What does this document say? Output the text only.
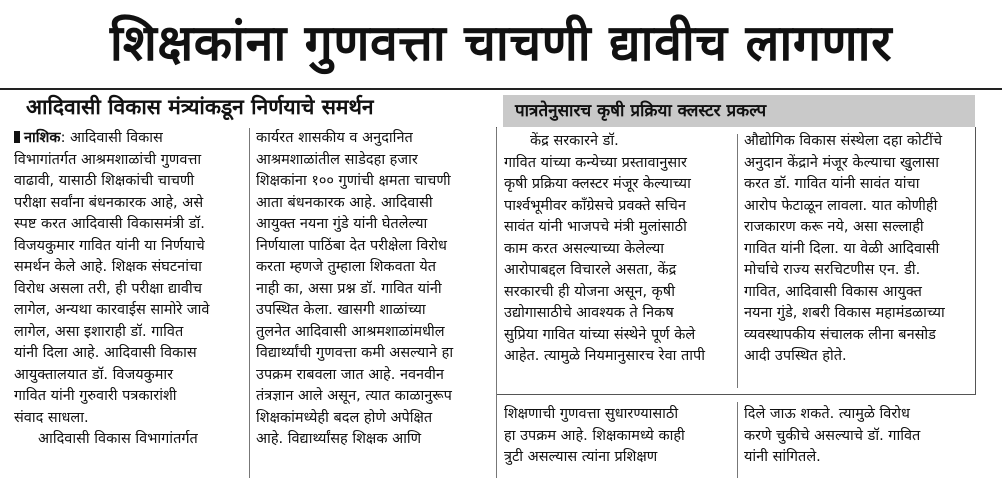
शिक्षकांना गुणवत्ता चाचणी द्यावीच लागणार
आदिवासी विकास मंत्र्यांकडून निर्णयाचे समर्थन	पात्रतेनुसारच कृषी प्रक्रिया क्लस्टर प्रकल्प
नाशिक: आदिवासी विकास
विभागांतर्गत आश्रमशाळांची गुणवत्ता
वाढावी, यासाठी शिक्षकांची चाचणी
परीक्षा सर्वांना बंधनकारक आहे, असे
स्पष्ट करत आदिवासी विकासमंत्री डॉ.
विजयकुमार गावित यांनी या निर्णयाचे
समर्थन केले आहे. शिक्षक संघटनांचा
विरोध असला तरी, ही परीक्षा द्यावीच
लागेल, अन्यथा कारवाईस सामोरे जावे
लागेल, असा इशाराही डॉ. गावित
यांनी दिला आहे. आदिवासी विकास
आयुक्तालयात डॉ. विजयकुमार
गावित यांनी गुरुवारी पत्रकारांशी
संवाद साधला.
आदिवासी विकास विभागांतर्गत
कार्यरत शासकीय व अनुदानित
आश्रमशाळांतील साडेदहा हजार
शिक्षकांना १०० गुणांची क्षमता चाचणी
आता बंधनकारक आहे. आदिवासी
आयुक्त नयना गुंडे यांनी घेतलेल्या
निर्णयाला पाठिंबा देत परीक्षेला विरोध
करता म्हणजे तुम्हाला शिकवता येत
नाही का, असा प्रश्न डॉ. गावित यांनी
उपस्थित केला. खासगी शाळांच्या
तुलनेत आदिवासी आश्रमशाळांमधील
विद्यार्थ्यांची गुणवत्ता कमी असल्याने हा
उपक्रम राबवला जात आहे. नवनवीन
तंत्रज्ञान आले असून, त्यात काळानुरूप
शिक्षकांमध्येही बदल होणे अपेक्षित
आहे. विद्यार्थ्यांसह शिक्षक आणि
केंद्र सरकारने डॉ.
गावित यांच्या कन्येच्या प्रस्तावानुसार
कृषी प्रक्रिया क्लस्टर मंजूर केल्याच्या
पार्श्वभूमीवर काँग्रेसचे प्रवक्ते सचिन
सावंत यांनी भाजपचे मंत्री मुलांसाठी
काम करत असल्याच्या केलेल्या
आरोपाबद्दल विचारले असता, केंद्र
सरकारची ही योजना असून, कृषी
उद्योगासाठीचे आवश्यक ते निकष
सुप्रिया गावित यांच्या संस्थेने पूर्ण केले
आहेत. त्यामुळे नियमानुसारच रेवा तापी
औद्योगिक विकास संस्थेला दहा कोटींचे
अनुदान केंद्राने मंजूर केल्याचा खुलासा
करत डॉ. गावित यांनी सावंत यांचा
आरोप फेटाळून लावला. यात कोणीही
राजकारण करू नये, असा सल्लाही
गावित यांनी दिला. या वेळी आदिवासी
मोर्चाचे राज्य सरचिटणीस एन. डी.
गावित, आदिवासी विकास आयुक्त
नयना गुंडे, शबरी विकास महामंडळाच्या
व्यवस्थापकीय संचालक लीना बनसोड
आदी उपस्थित होते.
शिक्षणाची गुणवत्ता सुधारण्यासाठी
हा उपक्रम आहे. शिक्षकामध्ये काही
त्रुटी असल्यास त्यांना प्रशिक्षण
दिले जाऊ शकते. त्यामुळे विरोध
करणे चुकीचे असल्याचे डॉ. गावित
यांनी सांगितले.
